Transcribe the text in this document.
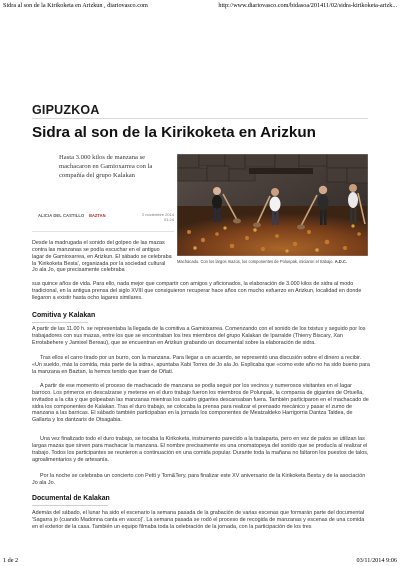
Sidra al son de la Kirikoketa en Arizkun , diariovasco.com	http://www.diariovasco.com/bidasoa/201411/02/sidra-kirikoketa-arizk...
GIPUZKOA
Sidra al son de la Kirikoketa en Arizkun

Hasta 3.000 kilos de manzana se machacaron en Gamioxarrea con la compañía del grupo Kalakan

ALICIA DEL CASTILLO BAZTAN	2 noviembre 2014
01:24
Machacado. Con los largos mazos, los componentes de Polunpak, iniciaron el trabajo. A.D.C.

Desde la madrugada el sonido del golpeo de las mazas contra las manzanas se podía escuchar en el antiguo lagar de Gamioxarrea, en Arizkun. El sábado se celebraba la 'Kirikoketa Besta', organizada por la sociedad cultural Jo ala Jo, que precisamente celebraba

sus quince años de vida. Para ello, nada mejor que compartir con amigos y aficionados, la elaboración de 3.000 kilos de sidra al modo tradicional, en la antigua prensa del siglo XVIII que consiguieron recuperar hace años con mucho esfuerzo en Arizkun, localidad en donde llegaron a existir hasta ocho lagares similares.

Comitiva y Kalakan

A partir de las 11.00 h. se representaba la llegada de la comitiva a Gamioxarrea. Comenzando con el sonido de los txistus y seguido por los trabajadores con sus mazas, entre los que se encontraban los tres miembros del grupo Kalakan de Iparralde (Thierry Biscary, Xan Errotabehere y Jamixel Bereau), que se encuentran en Arizkun grabando un documental sobre la elaboración de sidra.

Tras ellos el carro tirado por un burro, con la manzana. Para llegar a un acuerdo, se representó una discusión sobre el dinero a recibir. «Un sueldo, más la comida, más parte de la sidra», apuntaba Xabi Torres de Jo ala Jo. Explicaba que «como este año no ha sido bueno para la manzana en Baztan, la hemos tenido que traer de Oñati.

A partir de ese momento el proceso de machacado de manzana se podía seguir por los vecinos y numerosos visitantes en el lagar barroco. Los primeros en descalzarse y meterse en el duro trabajo fueron los miembros de Polunpak, la comparsa de gigantes de Ortuella, invitados a la cita y que golpeaban las manzanas mientras los cuatro gigantes descansaban fuera. También participaron en el machacado de sidra los componentes de Kalakan. Tras el duro trabajo, se colocaba la prensa para realizar el prensado mecánico y pasar el zumo de manzana a las barricas. El sábado también participaban en la jornada los componentes de Meatzaldeko Harrigorria Dantza Taldea, de Gallarta y los dantzaris de Otsagabia.

Una vez finalizado todo el duro trabajo, se tocaba la Kirikoketa, instrumento parecido a la txalaparta, pero en vez de palos se utilizan las largas mazas que sirven para machacar la manzana. El nombre precisamente es una onomatopeya del sonido que se producía al realizar el trabajo. Todos los participantes se reunieron a continuación en una comida popular. Durante toda la mañana no faltaron los puestos de talos, agroalimentarios y de artesanía.

Por la noche se celebraba un concierto con Petti y Tom&Tery, para finalizar este XV aniversario de la Kirikoketa Besta y de la asociación Jo ala Jo.

Documental de Kalakan

Además del sábado, el lunar ha sido el escenario la semana pasada de la grabación de varias escenas que formarán parte del documental 'Sagarra jo (cuando Madonna canta en vasco)'. La semana pasada se rodó el proceso de recogida de manzanas y escenas de una comida en el exterior de la casa. También un equipo filmaba toda la celebración de la jornada, con la participación de los tres

1 de 2	03/11/2014 9:06
